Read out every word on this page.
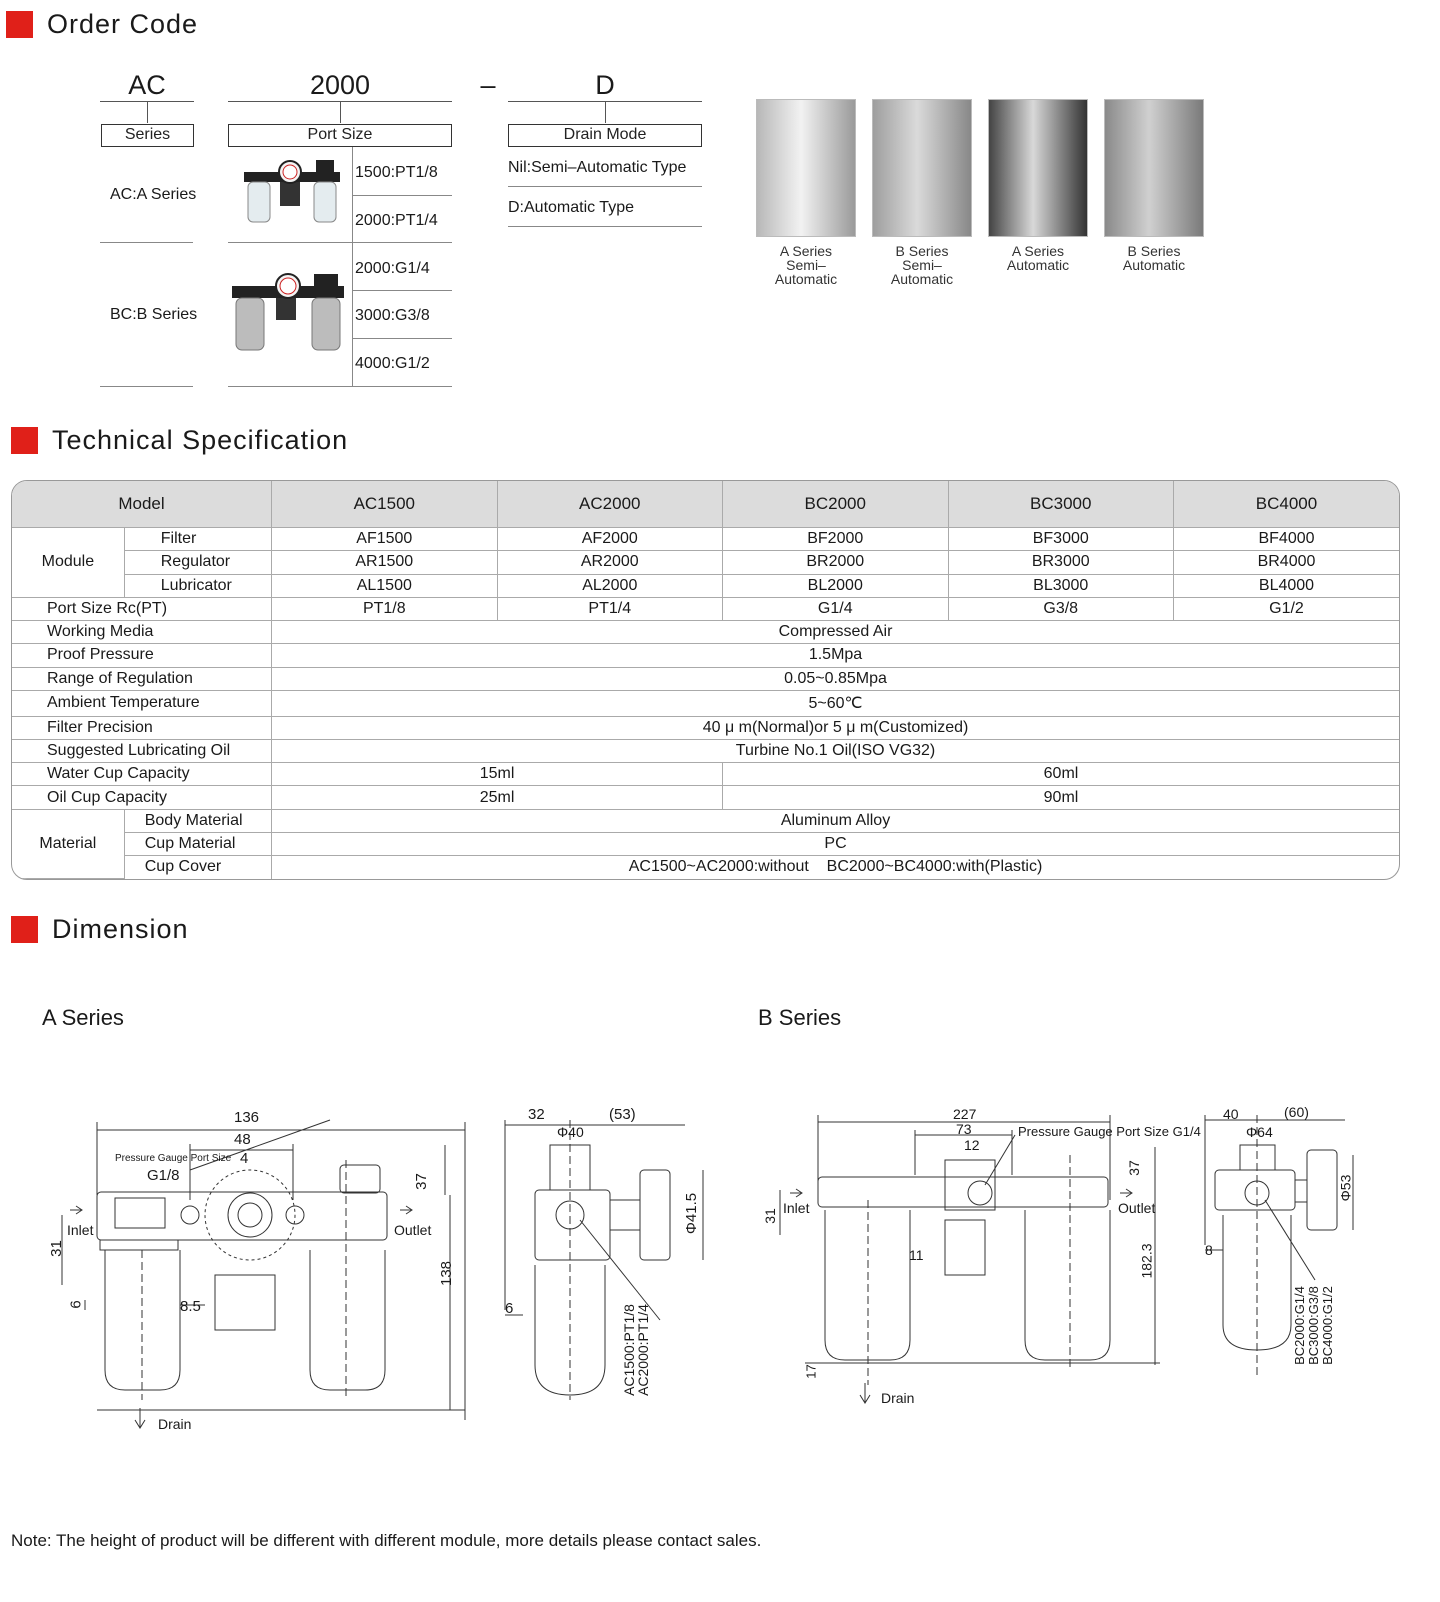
Order Code
AC	2000	–	D
Series	Port Size	Drain Mode
AC:A Series
BC:B Series
1500:PT1/8
2000:PT1/4
2000:G1/4
3000:G3/8
4000:G1/2
Nil:Semi–Automatic Type
D:Automatic Type
A Series
Semi–
Automatic
B Series
Semi–
Automatic
A Series
Automatic
B Series
Automatic
Technical Specification
Model		AC1500	AC2000	BC2000	BC3000	BC4000
Module	Filter	AF1500	AF2000	BF2000	BF3000	BF4000
	Regulator	AR1500	AR2000	BR2000	BR3000	BR4000
	Lubricator	AL1500	AL2000	BL2000	BL3000	BL4000
Port Size Rc(PT)		PT1/8	PT1/4	G1/4	G3/8	G1/2
Working Media		Compressed Air				
Proof Pressure		1.5Mpa				
Range of Regulation		0.05~0.85Mpa				
Ambient Temperature		5~60℃				
Filter Precision		40 μ m(Normal)or 5 μ m(Customized)				
Suggested Lubricating Oil		Turbine No.1 Oil(ISO VG32)				
Water Cup Capacity		15ml		60ml		
Oil Cup Capacity		25ml		90ml		
Material	Body Material	Aluminum Alloy				
	Cup Material	PC				
	Cup Cover	AC1500~AC2000:without    BC2000~BC4000:with(Plastic)				
Dimension
A Series	B Series
136
48
4
Pressure Gauge Port Size
G1/8	37
31
6	8.5
138
Inlet	Outlet
Drain
32	(53)
Φ40
Φ41.5
6	AC1500:PT1/8
AC2000:PT1/4
227
73
12
Pressure Gauge Port Size G1/4
37
31
182.3
11
17
Inlet	Outlet
Drain
40	(60)
Φ64
Φ53
8
BC2000:G1/4 BC3000:G3/8 BC4000:G1/2
Note: The height of product will be different with different module, more details please contact sales.
